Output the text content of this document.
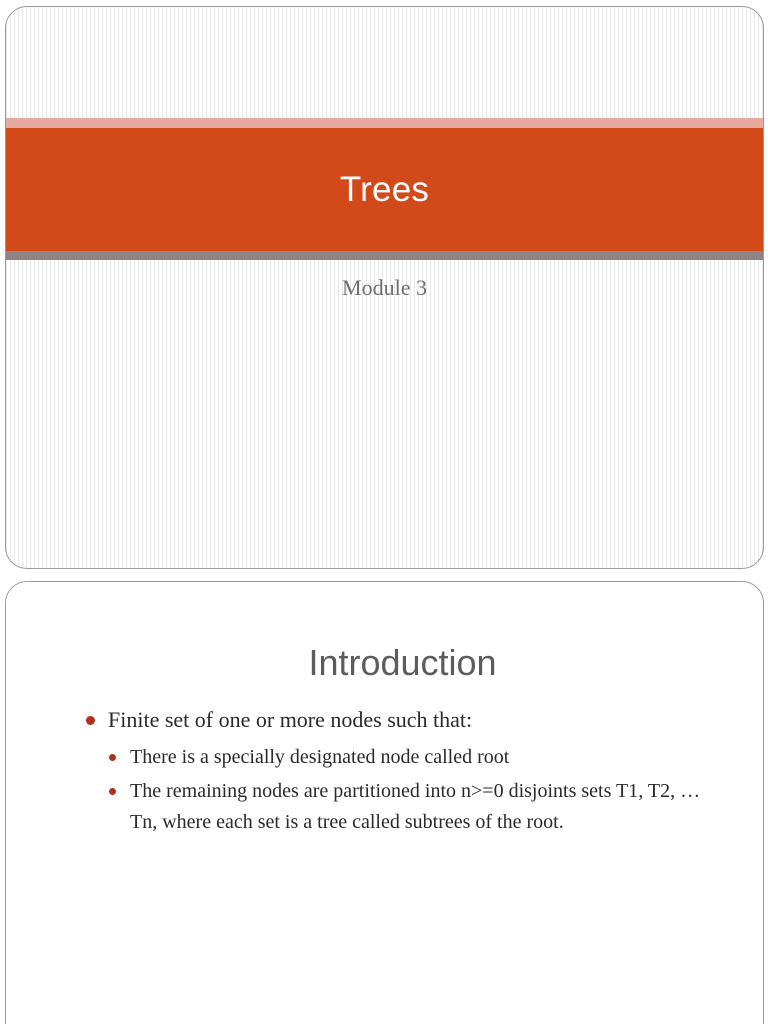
Trees
Module 3
Introduction
Finite set of one or more nodes such that:
There is a specially designated node called root
The remaining nodes are partitioned into n>=0 disjoints sets T1, T2, … Tn, where each set is a tree called subtrees of the root.
